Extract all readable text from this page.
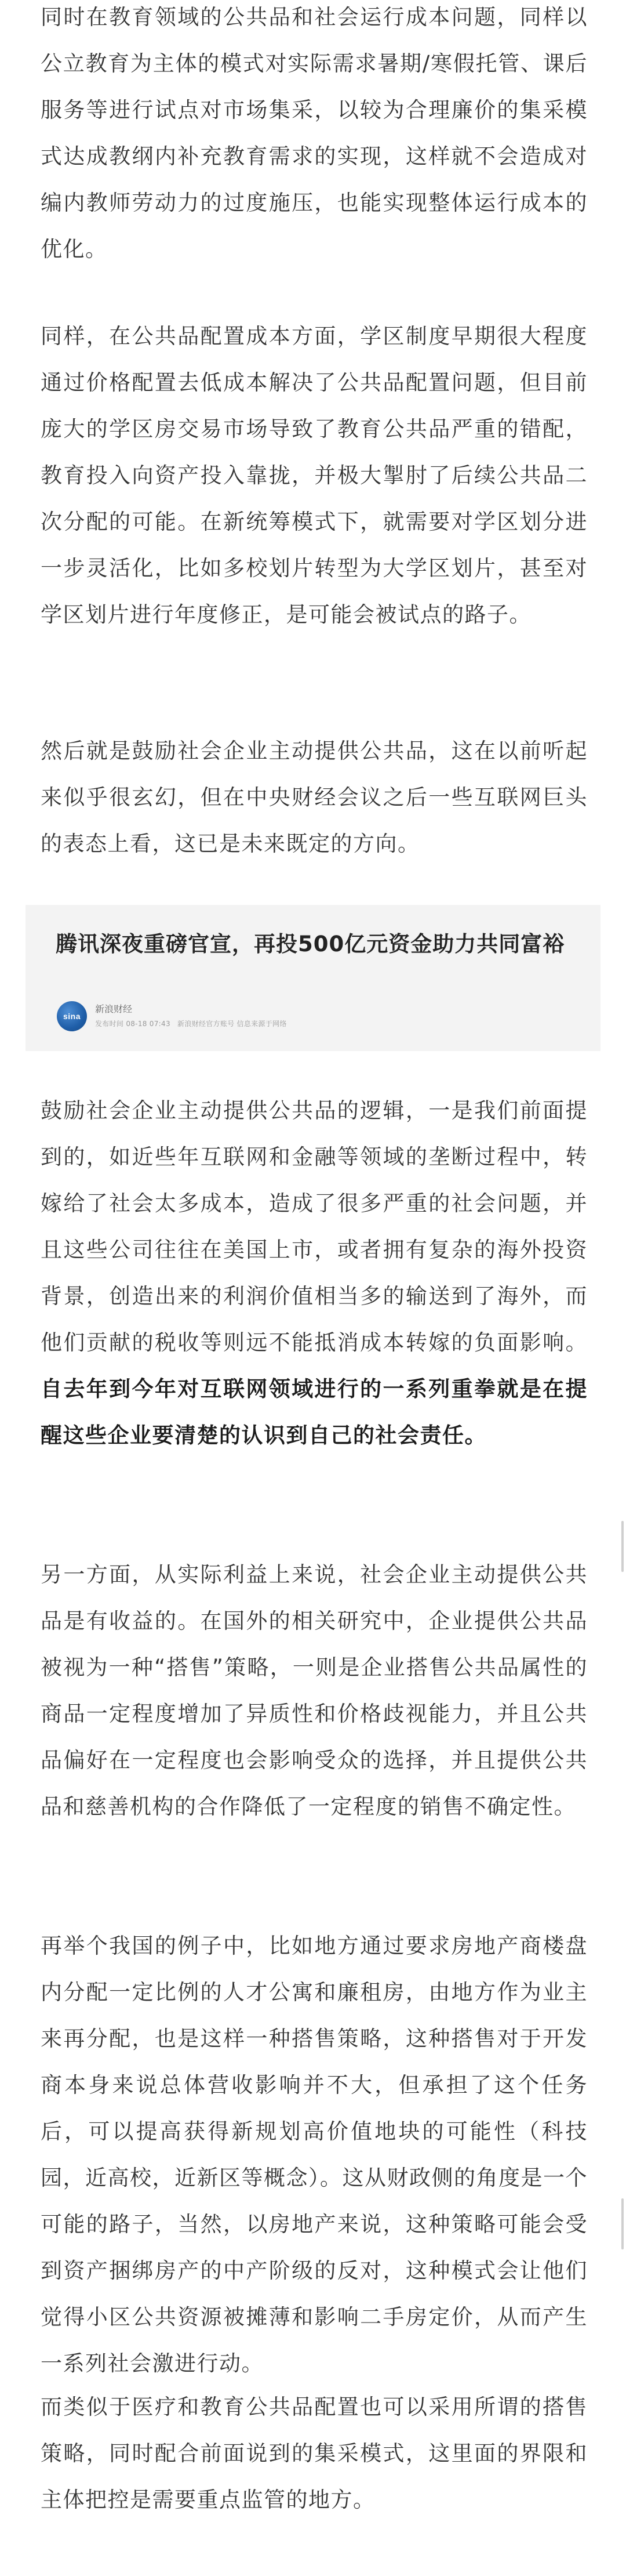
同时在教育领域的公共品和社会运行成本问题，同样以公立教育为主体的模式对实际需求暑期/寒假托管、课后服务等进行试点对市场集采，以较为合理廉价的集采模式达成教纲内补充教育需求的实现，这样就不会造成对编内教师劳动力的过度施压，也能实现整体运行成本的优化。

同样，在公共品配置成本方面，学区制度早期很大程度通过价格配置去低成本解决了公共品配置问题，但目前庞大的学区房交易市场导致了教育公共品严重的错配，教育投入向资产投入靠拢，并极大掣肘了后续公共品二次分配的可能。在新统筹模式下，就需要对学区划分进一步灵活化，比如多校划片转型为大学区划片，甚至对学区划片进行年度修正，是可能会被试点的路子。

然后就是鼓励社会企业主动提供公共品，这在以前听起来似乎很玄幻，但在中央财经会议之后一些互联网巨头的表态上看，这已是未来既定的方向。

腾讯深夜重磅官宣，再投500亿元资金助力共同富裕

sina
新浪财经
发布时间 08-18 07:43 新浪财经官方账号 信息来源于网络

鼓励社会企业主动提供公共品的逻辑，一是我们前面提到的，如近些年互联网和金融等领域的垄断过程中，转嫁给了社会太多成本，造成了很多严重的社会问题，并且这些公司往往在美国上市，或者拥有复杂的海外投资背景，创造出来的利润价值相当多的输送到了海外，而他们贡献的税收等则远不能抵消成本转嫁的负面影响。自去年到今年对互联网领域进行的一系列重拳就是在提醒这些企业要清楚的认识到自己的社会责任。

另一方面，从实际利益上来说，社会企业主动提供公共品是有收益的。在国外的相关研究中，企业提供公共品被视为一种“搭售”策略，一则是企业搭售公共品属性的商品一定程度增加了异质性和价格歧视能力，并且公共品偏好在一定程度也会影响受众的选择，并且提供公共品和慈善机构的合作降低了一定程度的销售不确定性。

再举个我国的例子中，比如地方通过要求房地产商楼盘内分配一定比例的人才公寓和廉租房，由地方作为业主来再分配，也是这样一种搭售策略，这种搭售对于开发商本身来说总体营收影响并不大，但承担了这个任务后，可以提高获得新规划高价值地块的可能性（科技园，近高校，近新区等概念）。这从财政侧的角度是一个可能的路子，当然，以房地产来说，这种策略可能会受到资产捆绑房产的中产阶级的反对，这种模式会让他们觉得小区公共资源被摊薄和影响二手房定价，从而产生一系列社会激进行动。

而类似于医疗和教育公共品配置也可以采用所谓的搭售策略，同时配合前面说到的集采模式，这里面的界限和主体把控是需要重点监管的地方。
